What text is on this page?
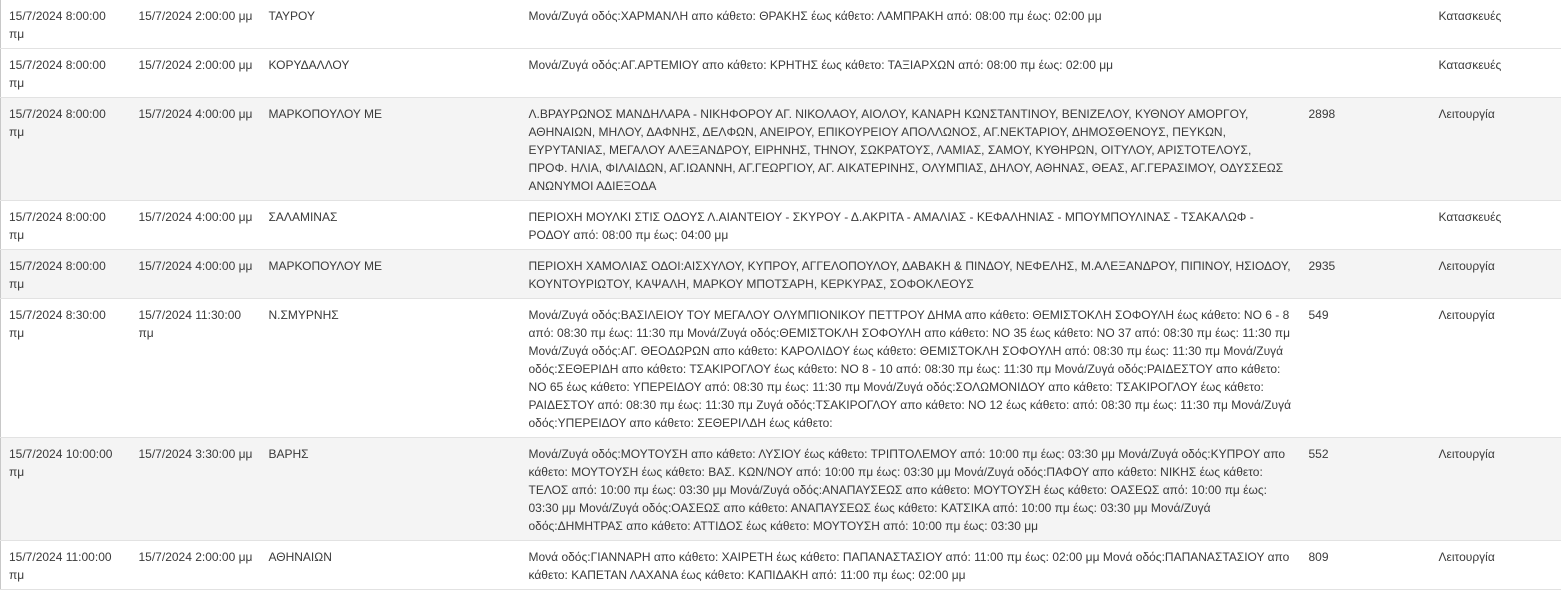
15/7/2024 8:00:00 πμ	15/7/2024 2:00:00 μμ	ΤΑΥΡΟΥ	Μονά/Ζυγά οδός:ΧΑΡΜΑΝΛΗ απο κάθετο: ΘΡΑΚΗΣ έως κάθετο: ΛΑΜΠΡΑΚΗ από: 08:00 πμ έως: 02:00 μμ		Κατασκευές
15/7/2024 8:00:00 πμ	15/7/2024 2:00:00 μμ	ΚΟΡΥΔΑΛΛΟΥ	Μονά/Ζυγά οδός:ΑΓ.ΑΡΤΕΜΙΟΥ απο κάθετο: ΚΡΗΤΗΣ έως κάθετο: ΤΑΞΙΑΡΧΩΝ από: 08:00 πμ έως: 02:00 μμ		Κατασκευές
15/7/2024 8:00:00 πμ	15/7/2024 4:00:00 μμ	ΜΑΡΚΟΠΟΥΛΟΥ ΜΕ	Λ.ΒΡΑΥΡΩΝΟΣ ΜΑΝΔΗΛΑΡΑ - ΝΙΚΗΦΟΡΟΥ ΑΓ. ΝΙΚΟΛΑΟΥ, ΑΙΟΛΟΥ, ΚΑΝΑΡΗ ΚΩΝΣΤΑΝΤΙΝΟΥ, ΒΕΝΙΖΕΛΟΥ, ΚΥΘΝΟΥ ΑΜΟΡΓΟΥ, ΑΘΗΝΑΙΩΝ, ΜΗΛΟΥ, ΔΑΦΝΗΣ, ΔΕΛΦΩΝ, ΑΝΕΙΡΟΥ, ΕΠΙΚΟΥΡΕΙΟΥ ΑΠΟΛΛΩΝΟΣ, ΑΓ.ΝΕΚΤΑΡΙΟΥ, ΔΗΜΟΣΘΕΝΟΥΣ, ΠΕΥΚΩΝ, ΕΥΡΥΤΑΝΙΑΣ, ΜΕΓΑΛΟΥ ΑΛΕΞΑΝΔΡΟΥ, ΕΙΡΗΝΗΣ, ΤΗΝΟΥ, ΣΩΚΡΑΤΟΥΣ, ΛΑΜΙΑΣ, ΣΑΜΟΥ, ΚΥΘΗΡΩΝ, ΟΙΤΥΛΟΥ, ΑΡΙΣΤΟΤΕΛΟΥΣ, ΠΡΟΦ. ΗΛΙΑ, ΦΙΛΑΙΔΩΝ, ΑΓ.ΙΩΑΝΝΗ, ΑΓ.ΓΕΩΡΓΙΟΥ, ΑΓ. ΑΙΚΑΤΕΡΙΝΗΣ, ΟΛΥΜΠΙΑΣ, ΔΗΛΟΥ, ΑΘΗΝΑΣ, ΘΕΑΣ, ΑΓ.ΓΕΡΑΣΙΜΟΥ, ΟΔΥΣΣΕΩΣ ΑΝΩΝΥΜΟΙ ΑΔΙΕΞΟΔΑ	2898	Λειτουργία
15/7/2024 8:00:00 πμ	15/7/2024 4:00:00 μμ	ΣΑΛΑΜΙΝΑΣ	ΠΕΡΙΟΧΗ ΜΟΥΛΚΙ ΣΤΙΣ ΟΔΟΥΣ Λ.ΑΙΑΝΤΕΙΟΥ - ΣΚΥΡΟΥ - Δ.ΑΚΡΙΤΑ - ΑΜΑΛΙΑΣ - ΚΕΦΑΛΗΝΙΑΣ - ΜΠΟΥΜΠΟΥΛΙΝΑΣ - ΤΣΑΚΑΛΩΦ - ΡΟΔΟΥ από: 08:00 πμ έως: 04:00 μμ		Κατασκευές
15/7/2024 8:00:00 πμ	15/7/2024 4:00:00 μμ	ΜΑΡΚΟΠΟΥΛΟΥ ΜΕ	ΠΕΡΙΟΧΗ ΧΑΜΟΛΙΑΣ ΟΔΟΙ:ΑΙΣΧΥΛΟΥ, ΚΥΠΡΟΥ, ΑΓΓΕΛΟΠΟΥΛΟΥ, ΔΑΒΑΚΗ & ΠΙΝΔΟΥ, ΝΕΦΕΛΗΣ, Μ.ΑΛΕΞΑΝΔΡΟΥ, ΠΙΠΙΝΟΥ, ΗΣΙΟΔΟΥ, ΚΟΥΝΤΟΥΡΙΩΤΟΥ, ΚΑΨΑΛΗ, ΜΑΡΚΟΥ ΜΠΟΤΣΑΡΗ, ΚΕΡΚΥΡΑΣ, ΣΟΦΟΚΛΕΟΥΣ	2935	Λειτουργία
15/7/2024 8:30:00 πμ	15/7/2024 11:30:00 πμ	Ν.ΣΜΥΡΝΗΣ	Μονά/Ζυγά οδός:ΒΑΣΙΛΕΙΟΥ ΤΟΥ ΜΕΓΑΛΟΥ ΟΛΥΜΠΙΟΝΙΚΟΥ ΠΕΤΤΡΟΥ ΔΗΜΑ απο κάθετο: ΘΕΜΙΣΤΟΚΛΗ ΣΟΦΟΥΛΗ έως κάθετο: ΝΟ 6 - 8 από: 08:30 πμ έως: 11:30 πμ Μονά/Ζυγά οδός:ΘΕΜΙΣΤΟΚΛΗ ΣΟΦΟΥΛΗ απο κάθετο: ΝΟ 35 έως κάθετο: ΝΟ 37 από: 08:30 πμ έως: 11:30 πμ Μονά/Ζυγά οδός:ΑΓ. ΘΕΟΔΩΡΩΝ απο κάθετο: ΚΑΡΟΛΙΔΟΥ έως κάθετο: ΘΕΜΙΣΤΟΚΛΗ ΣΟΦΟΥΛΗ από: 08:30 πμ έως: 11:30 πμ Μονά/Ζυγά οδός:ΣΕΘΕΡΙΔΗ απο κάθετο: ΤΣΑΚΙΡΟΓΛΟΥ έως κάθετο: ΝΟ 8 - 10 από: 08:30 πμ έως: 11:30 πμ Μονά/Ζυγά οδός:ΡΑΙΔΕΣΤΟΥ απο κάθετο: ΝΟ 65 έως κάθετο: ΥΠΕΡΕΙΔΟΥ από: 08:30 πμ έως: 11:30 πμ Μονά/Ζυγά οδός:ΣΟΛΩΜΟΝΙΔΟΥ απο κάθετο: ΤΣΑΚΙΡΟΓΛΟΥ έως κάθετο: ΡΑΙΔΕΣΤΟΥ από: 08:30 πμ έως: 11:30 πμ Ζυγά οδός:ΤΣΑΚΙΡΟΓΛΟΥ απο κάθετο: ΝΟ 12 έως κάθετο: από: 08:30 πμ έως: 11:30 πμ Μονά/Ζυγά οδός:ΥΠΕΡΕΙΔΟΥ απο κάθετο: ΣΕΘΕΡΙΛΔΗ έως κάθετο:	549	Λειτουργία
15/7/2024 10:00:00 πμ	15/7/2024 3:30:00 μμ	ΒΑΡΗΣ	Μονά/Ζυγά οδός:ΜΟΥΤΟΥΣΗ απο κάθετο: ΛΥΣΙΟΥ έως κάθετο: ΤΡΙΠΤΟΛΕΜΟΥ από: 10:00 πμ έως: 03:30 μμ Μονά/Ζυγά οδός:ΚΥΠΡΟΥ απο κάθετο: ΜΟΥΤΟΥΣΗ έως κάθετο: ΒΑΣ. ΚΩΝ/ΝΟΥ από: 10:00 πμ έως: 03:30 μμ Μονά/Ζυγά οδός:ΠΑΦΟΥ απο κάθετο: ΝΙΚΗΣ έως κάθετο: ΤΕΛΟΣ από: 10:00 πμ έως: 03:30 μμ Μονά/Ζυγά οδός:ΑΝΑΠΑΥΣΕΩΣ απο κάθετο: ΜΟΥΤΟΥΣΗ έως κάθετο: ΟΑΣΕΩΣ από: 10:00 πμ έως: 03:30 μμ Μονά/Ζυγά οδός:ΟΑΣΕΩΣ απο κάθετο: ΑΝΑΠΑΥΣΕΩΣ έως κάθετο: ΚΑΤΣΙΚΑ από: 10:00 πμ έως: 03:30 μμ Μονά/Ζυγά οδός:ΔΗΜΗΤΡΑΣ απο κάθετο: ΑΤΤΙΔΟΣ έως κάθετο: ΜΟΥΤΟΥΣΗ από: 10:00 πμ έως: 03:30 μμ	552	Λειτουργία
15/7/2024 11:00:00 πμ	15/7/2024 2:00:00 μμ	ΑΘΗΝΑΙΩΝ	Μονά οδός:ΓΙΑΝΝΑΡΗ απο κάθετο: ΧΑΙΡΕΤΗ έως κάθετο: ΠΑΠΑΝΑΣΤΑΣΙΟΥ από: 11:00 πμ έως: 02:00 μμ Μονά οδός:ΠΑΠΑΝΑΣΤΑΣΙΟΥ απο κάθετο: ΚΑΠΕΤΑΝ ΛΑΧΑΝΑ έως κάθετο: ΚΑΠΙΔΑΚΗ από: 11:00 πμ έως: 02:00 μμ	809	Λειτουργία
